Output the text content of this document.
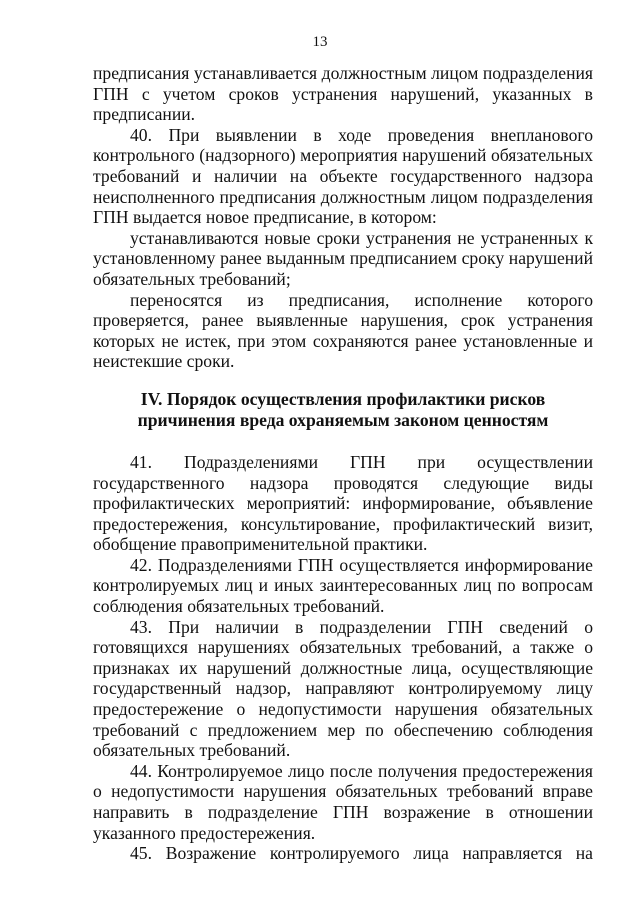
13

предписания устанавливается должностным лицом подразделения ГПН с учетом сроков устранения нарушений, указанных в предписании.

40. При выявлении в ходе проведения внепланового контрольного (надзорного) мероприятия нарушений обязательных требований и наличии на объекте государственного надзора неисполненного предписания должностным лицом подразделения ГПН выдается новое предписание, в котором:

устанавливаются новые сроки устранения не устраненных к установленному ранее выданным предписанием сроку нарушений обязательных требований;

переносятся из предписания, исполнение которого проверяется, ранее выявленные нарушения, срок устранения которых не истек, при этом сохраняются ранее установленные и неистекшие сроки.

IV. Порядок осуществления профилактики рисков
причинения вреда охраняемым законом ценностям

41. Подразделениями ГПН при осуществлении государственного надзора проводятся следующие виды профилактических мероприятий: информирование, объявление предостережения, консультирование, профилактический визит, обобщение правоприменительной практики.

42. Подразделениями ГПН осуществляется информирование контролируемых лиц и иных заинтересованных лиц по вопросам соблюдения обязательных требований.

43. При наличии в подразделении ГПН сведений о готовящихся нарушениях обязательных требований, а также о признаках их нарушений должностные лица, осуществляющие государственный надзор, направляют контролируемому лицу предостережение о недопустимости нарушения обязательных требований с предложением мер по обеспечению соблюдения обязательных требований.

44. Контролируемое лицо после получения предостережения о недопустимости нарушения обязательных требований вправе направить в подразделение ГПН возражение в отношении указанного предостережения.

45. Возражение контролируемого лица направляется на
